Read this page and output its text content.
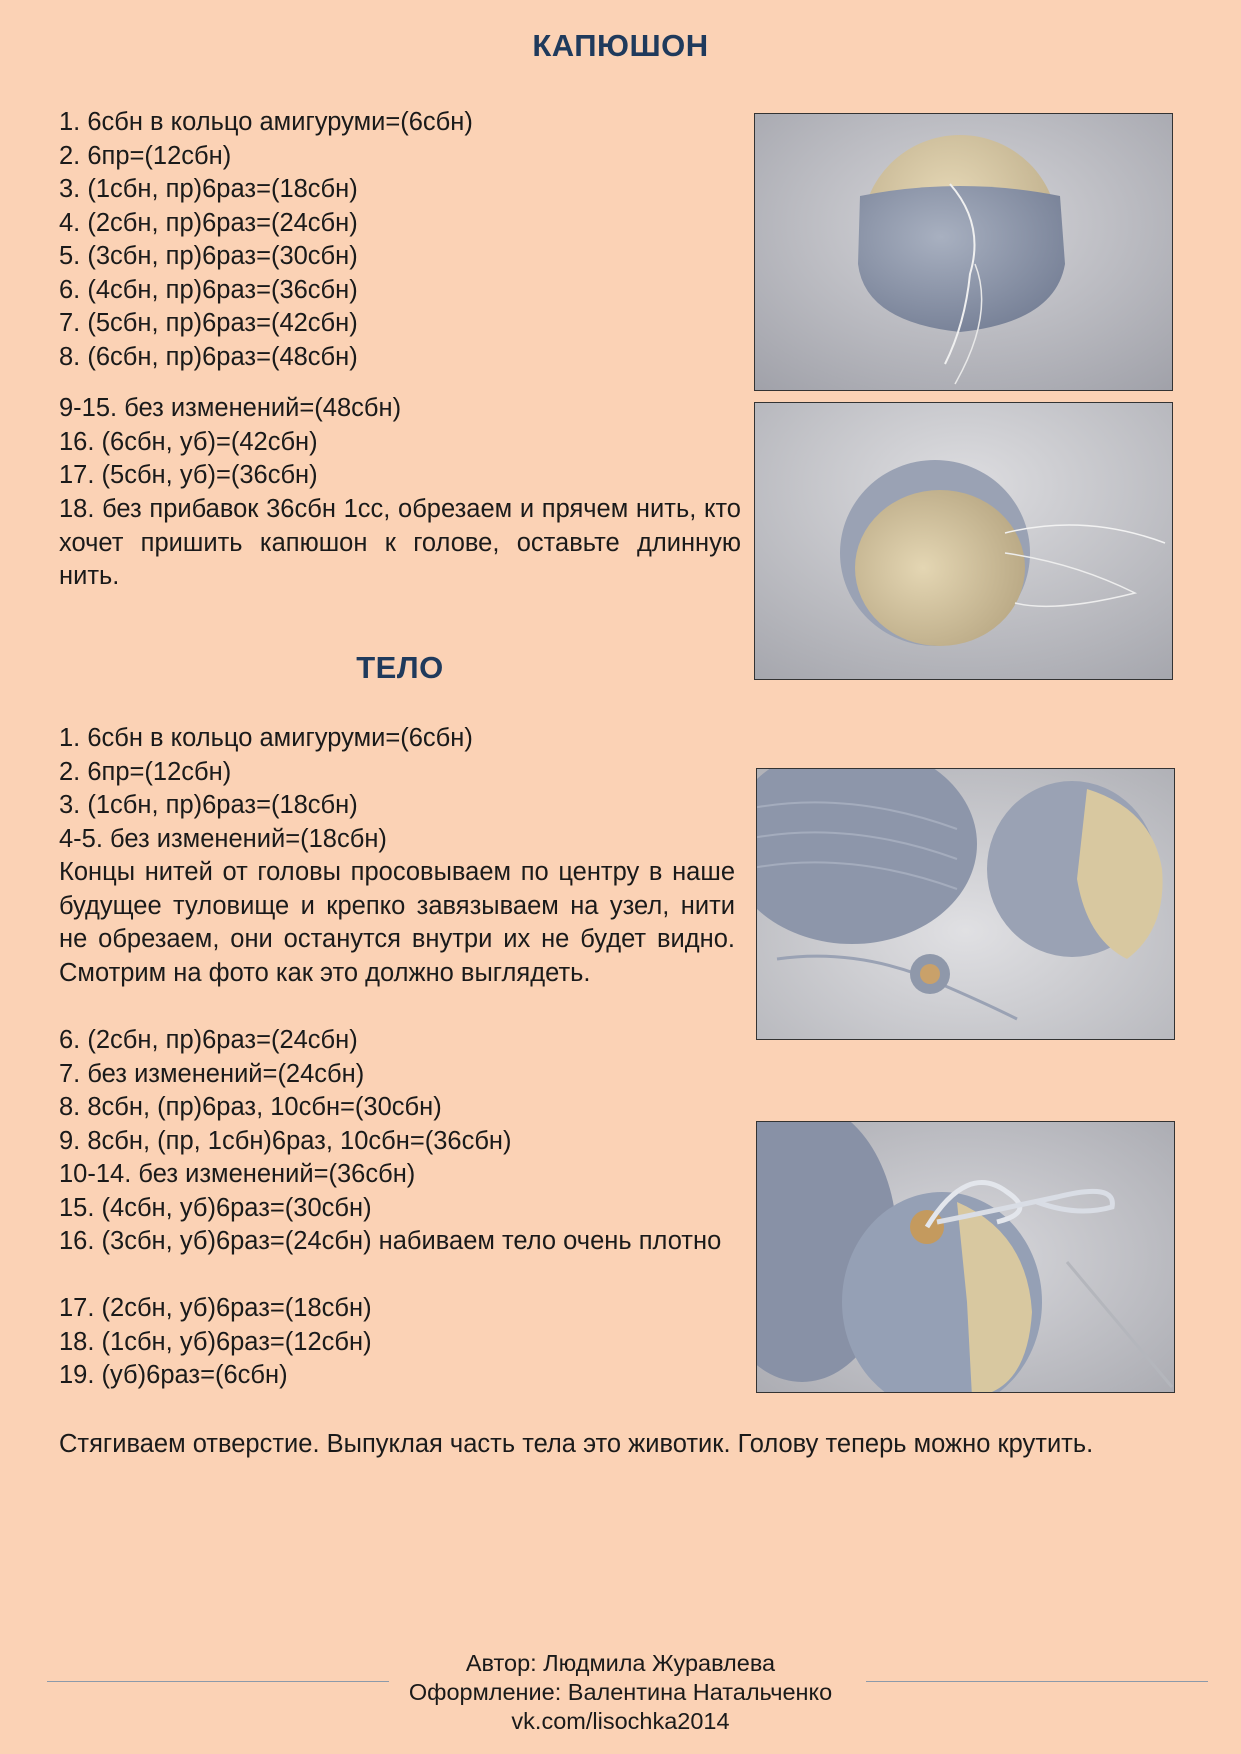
КАПЮШОН
1. 6сбн в кольцо амигуруми=(6сбн)
2. 6пр=(12сбн)
3. (1сбн, пр)6раз=(18сбн)
4. (2сбн, пр)6раз=(24сбн)
5. (3сбн, пр)6раз=(30сбн)
6. (4сбн, пр)6раз=(36сбн)
7. (5сбн, пр)6раз=(42сбн)
8. (6сбн, пр)6раз=(48сбн)
9-15. без изменений=(48сбн)
16. (6сбн, уб)=(42сбн)
17. (5сбн, уб)=(36сбн)
18. без прибавок 36сбн 1сс, обрезаем и прячем нить, кто хочет пришить капюшон к голове, оставьте длинную нить.
ТЕЛО
1. 6сбн в кольцо амигуруми=(6сбн)
2. 6пр=(12сбн)
3. (1сбн, пр)6раз=(18сбн)
4-5. без изменений=(18сбн)
Концы нитей от головы просовываем по центру в наше будущее туловище и крепко завязываем на узел, нити не обрезаем, они останутся внутри их не будет видно. Смотрим на фото как это должно выглядеть.
6. (2сбн, пр)6раз=(24сбн)
7. без изменений=(24сбн)
8. 8сбн, (пр)6раз, 10сбн=(30сбн)
9. 8сбн, (пр, 1сбн)6раз, 10сбн=(36сбн)
10-14. без изменений=(36сбн)
15. (4сбн, уб)6раз=(30сбн)
16. (3сбн, уб)6раз=(24сбн) набиваем тело очень плотно
17. (2сбн, уб)6раз=(18сбн)
18. (1сбн, уб)6раз=(12сбн)
19. (уб)6раз=(6сбн)
Стягиваем отверстие. Выпуклая часть тела это животик. Голову теперь можно крутить.
Автор: Людмила Журавлева
Оформление: Валентина Натальченко
vk.com/lisochka2014
